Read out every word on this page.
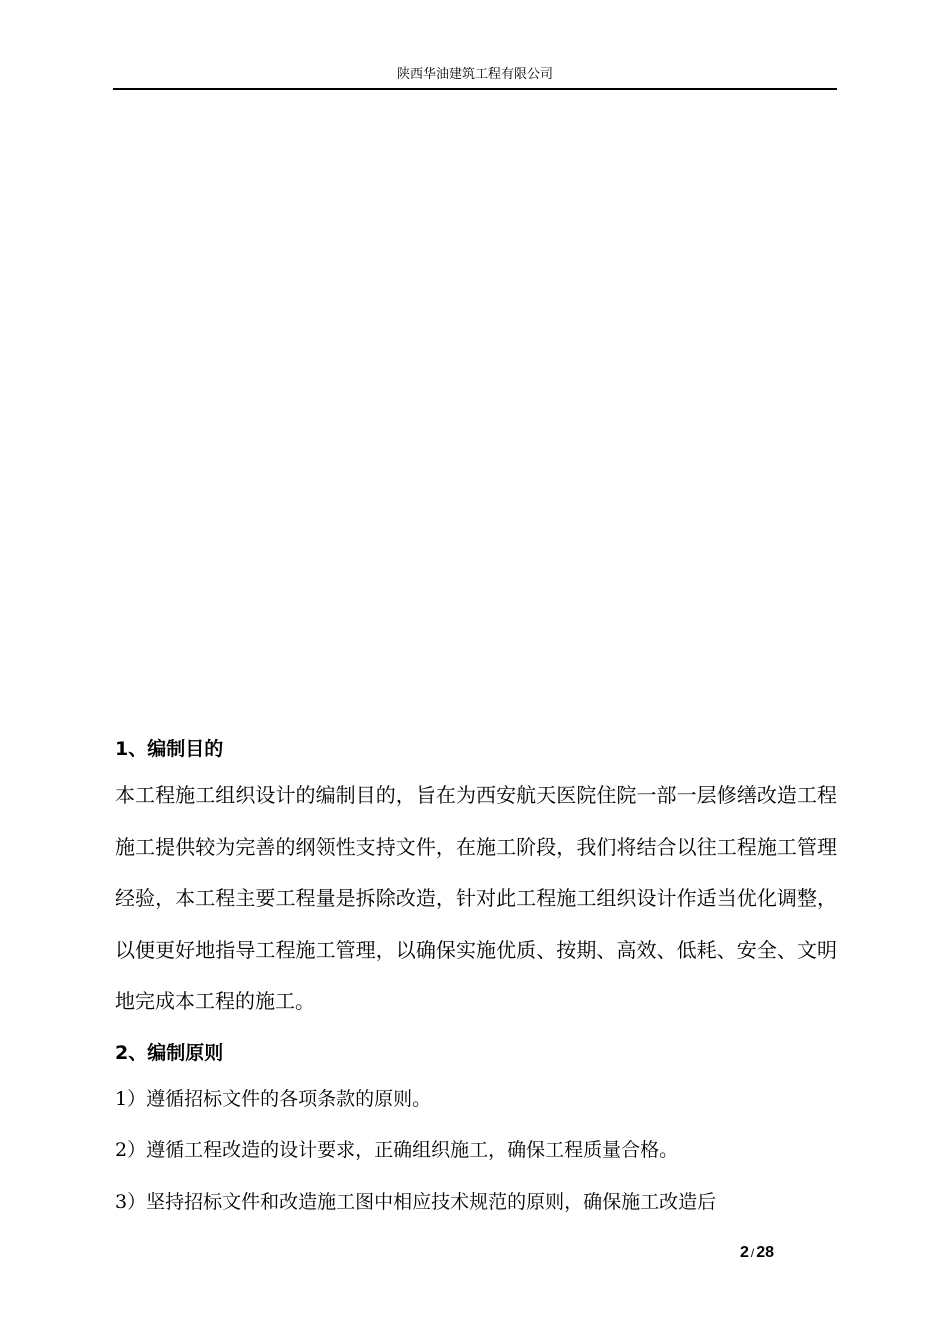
陕西华油建筑工程有限公司
1、编制目的

本工程施工组织设计的编制目的，旨在为西安航天医院住院一部一层修缮改造工程施工提供较为完善的纲领性支持文件，在施工阶段，我们将结合以往工程施工管理经验，本工程主要工程量是拆除改造，针对此工程施工组织设计作适当优化调整，以便更好地指导工程施工管理，以确保实施优质、按期、高效、低耗、安全、文明地完成本工程的施工。

2、编制原则

1）遵循招标文件的各项条款的原则。

2）遵循工程改造的设计要求，正确组织施工，确保工程质量合格。

3）坚持招标文件和改造施工图中相应技术规范的原则，确保施工改造后

2 / 28
